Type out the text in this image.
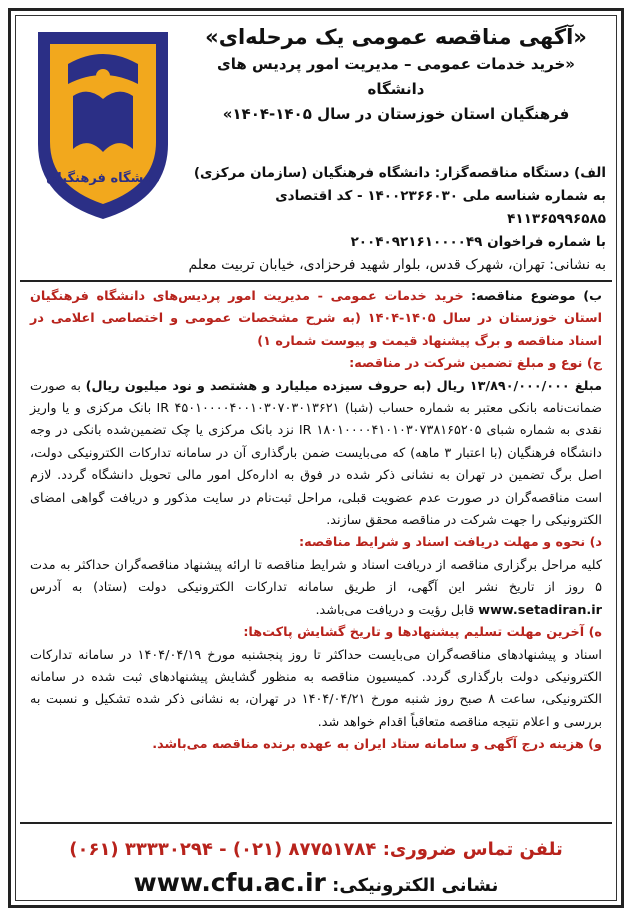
دانشگاه فرهنگیان
«آگهی مناقصه عمومی یک مرحله‌ای»
«خرید خدمات عمومی – مدیریت امور پردیس های دانشگاه
فرهنگیان استان خوزستان در سال ۱۴۰۵-۱۴۰۴»
الف) دستگاه مناقصه‌گزار: دانشگاه فرهنگیان (سازمان مرکزی)
به شماره شناسه ملی ۱۴۰۰۲۳۶۶۰۳۰ - کد اقتصادی ۴۱۱۳۶۵۹۹۶۵۸۵
با شماره فراخوان ۲۰۰۴۰۹۲۱۶۱۰۰۰۰۴۹
به نشانی: تهران، شهرک قدس، بلوار شهید فرحزادی، خیابان تربیت معلم
ب) موضوع مناقصه: خرید خدمات عمومی - مدیریت امور پردیس‌های دانشگاه فرهنگیان استان خوزستان در سال ۱۴۰۵-۱۴۰۴ (به شرح مشخصات عمومی و اختصاصی اعلامی در اسناد مناقصه و برگ پیشنهاد قیمت و پیوست شماره ۱)
ج) نوع و مبلغ تضمین شرکت در مناقصه:
مبلغ ۱۳/۸۹۰/۰۰۰/۰۰۰ ریال (به حروف سیزده میلیارد و هشتصد و نود میلیون ریال) به صورت ضمانت‌نامه بانکی معتبر به شماره حساب (شبا) IR ۴۵۰۱۰۰۰۰۴۰۰۱۰۳۰۷۰۳۰۱۳۶۲۱ بانک مرکزی و یا واریز نقدی به شماره شبای IR ۱۸۰۱۰۰۰۰۴۱۰۱۰۳۰۷۳۸۱۶۵۲۰۵ نزد بانک مرکزی یا چک تضمین‌شده بانکی در وجه دانشگاه فرهنگیان (با اعتبار ۳ ماهه) که می‌بایست ضمن بارگذاری آن در سامانه تدارکات الکترونیکی دولت، اصل برگ تضمین در تهران به نشانی ذکر شده در فوق به اداره‌کل امور مالی تحویل دانشگاه گردد. لازم است مناقصه‌گران در صورت عدم عضویت قبلی، مراحل ثبت‌نام در سایت مذکور و دریافت گواهی امضای الکترونیکی را جهت شرکت در مناقصه محقق سازند.
د) نحوه و مهلت دریافت اسناد و شرایط مناقصه:
کلیه مراحل برگزاری مناقصه از دریافت اسناد و شرایط مناقصه تا ارائه پیشنهاد مناقصه‌گران حداکثر به مدت ۵ روز از تاریخ نشر این آگهی، از طریق سامانه تدارکات الکترونیکی دولت (ستاد) به آدرس www.setadiran.ir قابل رؤیت و دریافت می‌باشد.
ه) آخرین مهلت تسلیم پیشنهادها و تاریخ گشایش پاکت‌ها:
اسناد و پیشنهادهای مناقصه‌گران می‌بایست حداکثر تا روز پنجشنبه مورخ ۱۴۰۴/۰۴/۱۹ در سامانه تدارکات الکترونیکی دولت بارگذاری گردد. کمیسیون مناقصه به منظور گشایش پیشنهادهای ثبت شده در سامانه الکترونیکی، ساعت ۸ صبح روز شنبه مورخ ۱۴۰۴/۰۴/۲۱ در تهران، به نشانی ذکر شده تشکیل و نسبت به بررسی و اعلام نتیجه مناقصه متعاقباً اقدام خواهد شد.
و) هزینه درج آگهی و سامانه ستاد ایران به عهده برنده مناقصه می‌باشد.
تلفن تماس ضروری: (۰۶۱) ۳۳۳۳۰۲۹۴ - (۰۲۱) ۸۷۷۵۱۷۸۴
نشانی الکترونیکی: www.cfu.ac.ir
